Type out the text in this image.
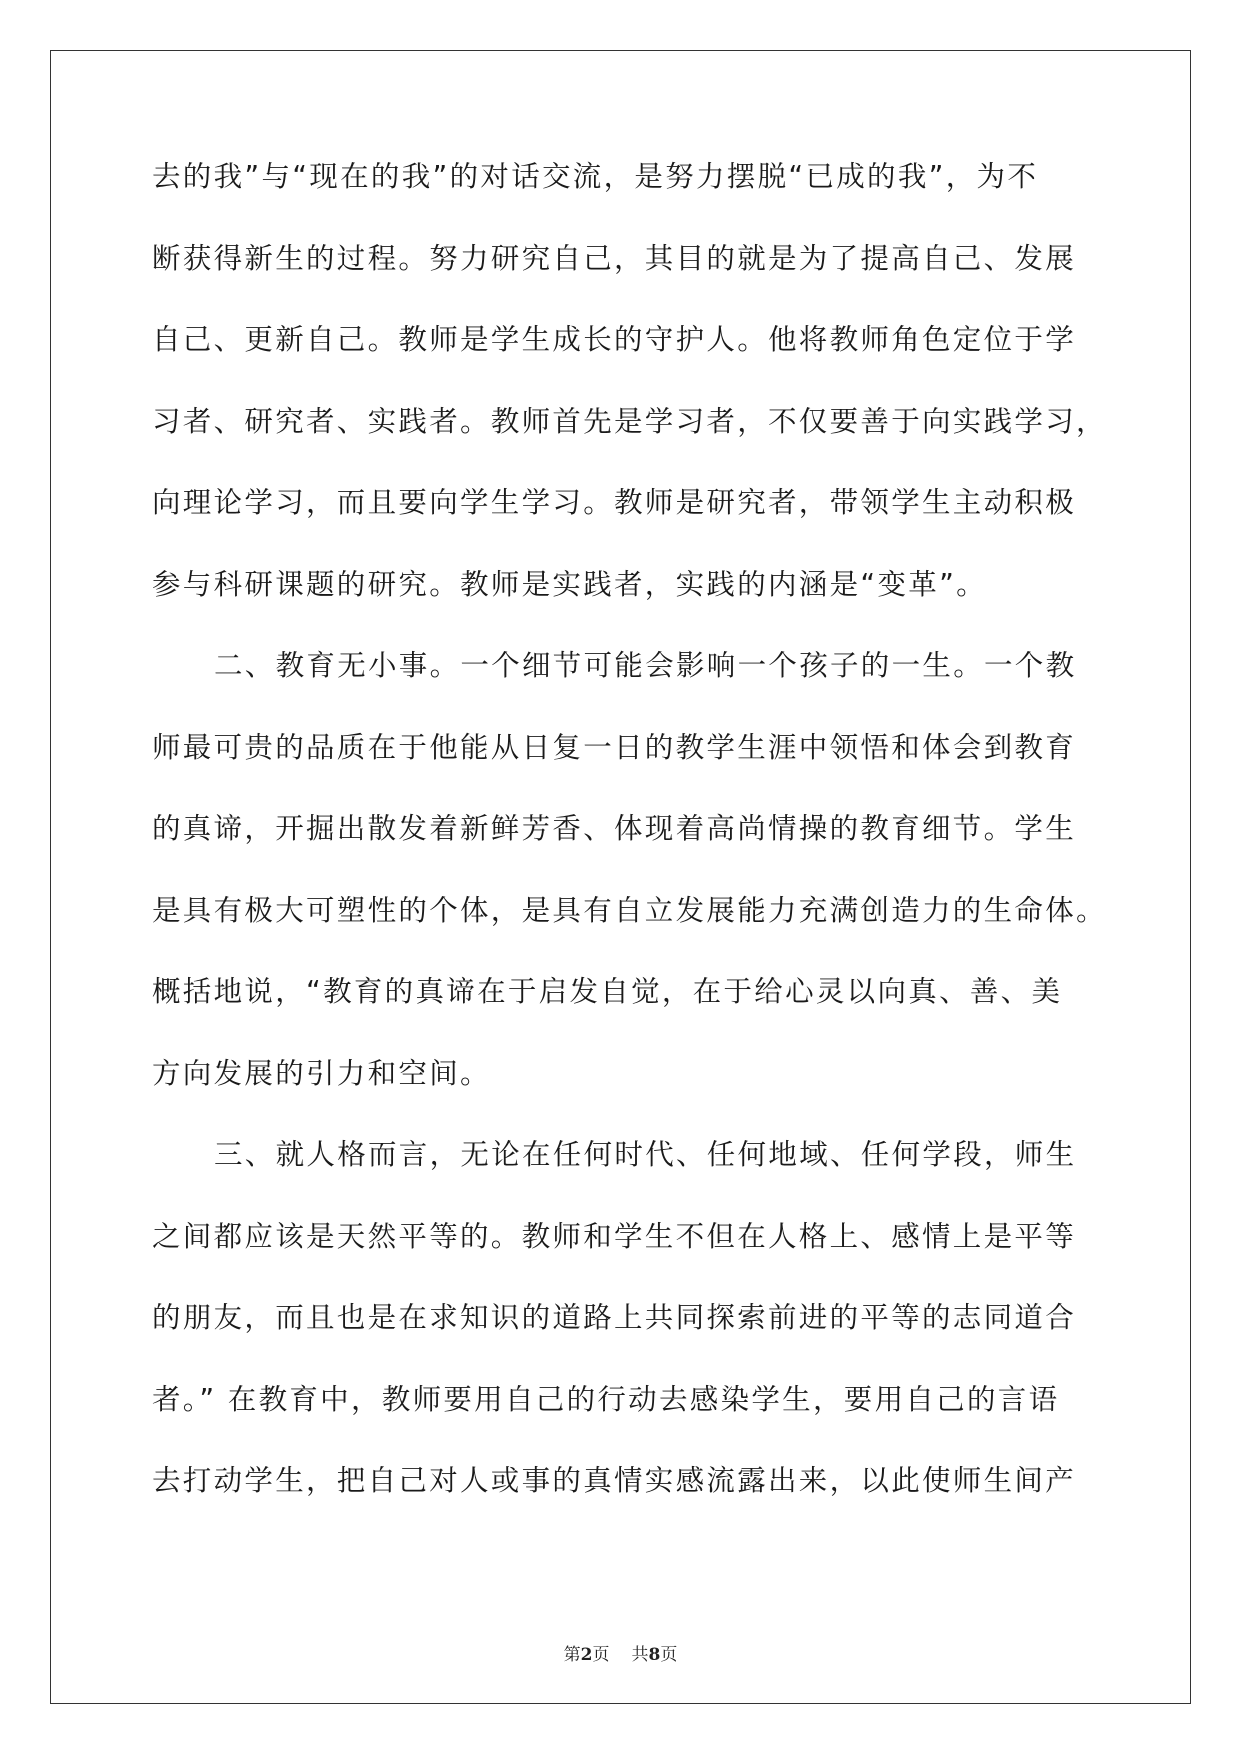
去的我”与“现在的我”的对话交流，是努力摆脱“已成的我”，为不
断获得新生的过程。努力研究自己，其目的就是为了提高自己、发展
自己、更新自己。教师是学生成长的守护人。他将教师角色定位于学
习者、研究者、实践者。教师首先是学习者，不仅要善于向实践学习，
向理论学习，而且要向学生学习。教师是研究者，带领学生主动积极
参与科研课题的研究。教师是实践者，实践的内涵是“变革”。
二、教育无小事。一个细节可能会影响一个孩子的一生。一个教
师最可贵的品质在于他能从日复一日的教学生涯中领悟和体会到教育
的真谛，开掘出散发着新鲜芳香、体现着高尚情操的教育细节。学生
是具有极大可塑性的个体，是具有自立发展能力充满创造力的生命体。
概括地说，“教育的真谛在于启发自觉，在于给心灵以向真、善、美
方向发展的引力和空间。
三、就人格而言，无论在任何时代、任何地域、任何学段，师生
之间都应该是天然平等的。教师和学生不但在人格上、感情上是平等
的朋友，而且也是在求知识的道路上共同探索前进的平等的志同道合
者。” 在教育中，教师要用自己的行动去感染学生，要用自己的言语
去打动学生，把自己对人或事的真情实感流露出来，以此使师生间产
第2页 共8页
